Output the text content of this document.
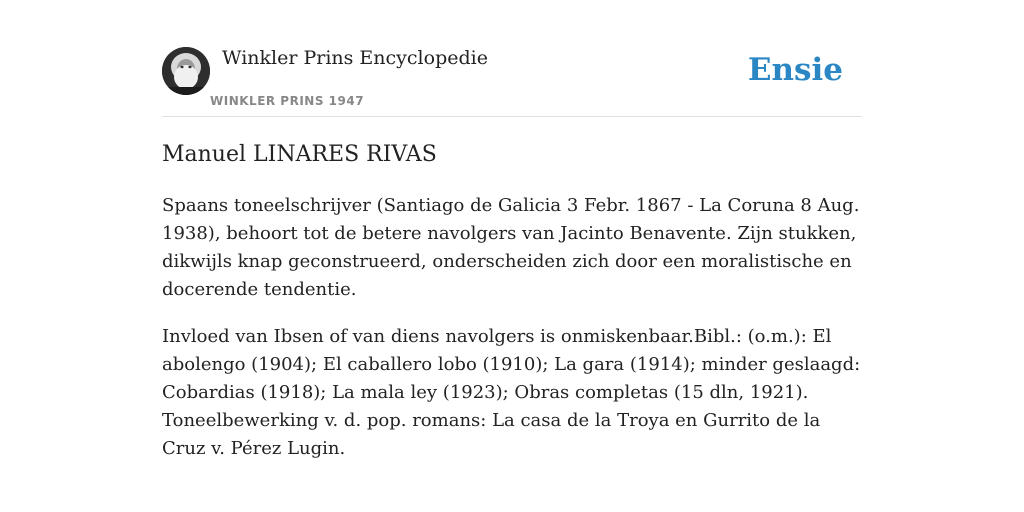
Winkler Prins Encyclopedie
WINKLER PRINS 1947
Ensie
Manuel LINARES RIVAS

Spaans toneelschrijver (Santiago de Galicia 3 Febr. 1867 - La Coruna 8 Aug. 1938), behoort tot de betere navolgers van Jacinto Benavente. Zijn stukken, dikwijls knap geconstrueerd, onderscheiden zich door een moralistische en docerende tendentie.

Invloed van Ibsen of van diens navolgers is onmiskenbaar.Bibl.: (o.m.): El abolengo (1904); El caballero lobo (1910); La gara (1914); minder geslaagd: Cobardias (1918); La mala ley (1923); Obras completas (15 dln, 1921). Toneelbewerking v. d. pop. romans: La casa de la Troya en Gurrito de la Cruz v. Pérez Lugin.
